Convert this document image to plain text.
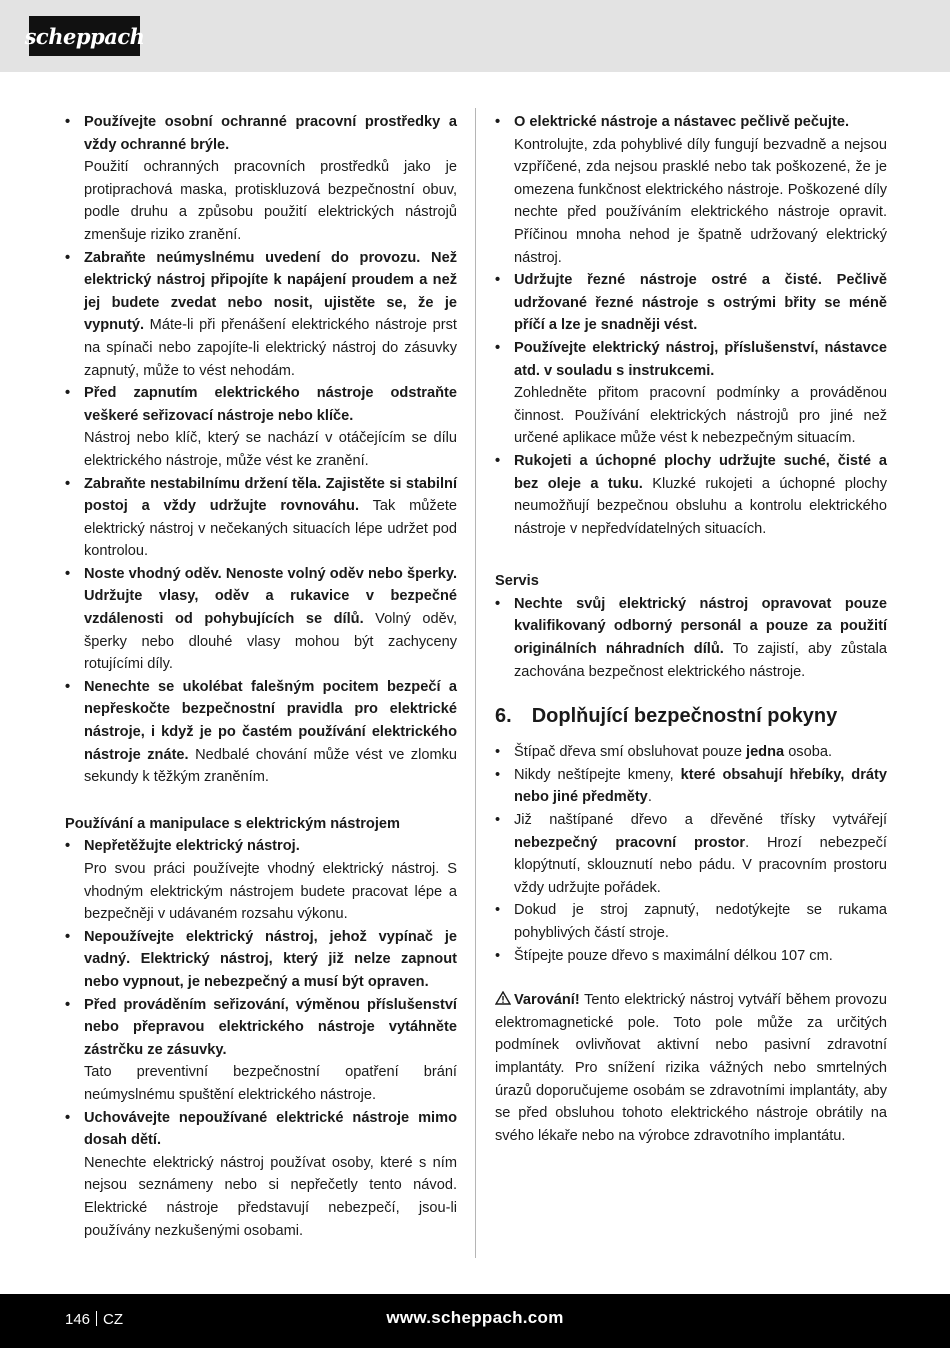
scheppach
• Používejte osobní ochranné pracovní prostředky a vždy ochranné brýle.
Použití ochranných pracovních prostředků jako je protiprachová maska, protiskluzová bezpečnostní obuv, podle druhu a způsobu použití elektrických nástrojů zmenšuje riziko zranění.
• Zabraňte neúmyslnému uvedení do provozu. Než elektrický nástroj připojíte k napájení proudem a než jej budete zvedat nebo nosit, ujistěte se, že je vypnutý. Máte-li při přenášení elektrického nástroje prst na spínači nebo zapojíte-li elektrický nástroj do zásuvky zapnutý, může to vést nehodám.
• Před zapnutím elektrického nástroje odstraňte veškeré seřizovací nástroje nebo klíče.
Nástroj nebo klíč, který se nachází v otáčejícím se dílu elektrického nástroje, může vést ke zranění.
• Zabraňte nestabilnímu držení těla. Zajistěte si stabilní postoj a vždy udržujte rovnováhu. Tak můžete elektrický nástroj v nečekaných situacích lépe udržet pod kontrolou.
• Noste vhodný oděv. Nenoste volný oděv nebo šperky. Udržujte vlasy, oděv a rukavice v bezpečné vzdálenosti od pohybujících se dílů. Volný oděv, šperky nebo dlouhé vlasy mohou být zachyceny rotujícími díly.
• Nenechte se ukolébat falešným pocitem bezpečí a nepřeskočte bezpečnostní pravidla pro elektrické nástroje, i když je po častém používání elektrického nástroje znáte. Nedbalé chování může vést ve zlomku sekundy k těžkým zraněním.
Používání a manipulace s elektrickým nástrojem
• Nepřetěžujte elektrický nástroj.
Pro svou práci používejte vhodný elektrický nástroj. S vhodným elektrickým nástrojem budete pracovat lépe a bezpečněji v udávaném rozsahu výkonu.
• Nepoužívejte elektrický nástroj, jehož vypínač je vadný. Elektrický nástroj, který již nelze zapnout nebo vypnout, je nebezpečný a musí být opraven.
• Před prováděním seřizování, výměnou příslušenství nebo přepravou elektrického nástroje vytáhněte zástrčku ze zásuvky.
Tato preventivní bezpečnostní opatření brání neúmyslnému spuštění elektrického nástroje.
• Uchovávejte nepoužívané elektrické nástroje mimo dosah dětí.
Nenechte elektrický nástroj používat osoby, které s ním nejsou seznámeny nebo si nepřečetly tento návod. Elektrické nástroje představují nebezpečí, jsou-li používány nezkušenými osobami.
• O elektrické nástroje a nástavec pečlivě pečujte.
Kontrolujte, zda pohyblivé díly fungují bezvadně a nejsou vzpříčené, zda nejsou prasklé nebo tak poškozené, že je omezena funkčnost elektrického nástroje. Poškozené díly nechte před používáním elektrického nástroje opravit. Příčinou mnoha nehod je špatně udržovaný elektrický nástroj.
• Udržujte řezné nástroje ostré a čisté. Pečlivě udržované řezné nástroje s ostrými břity se méně příčí a lze je snadněji vést.
• Používejte elektrický nástroj, příslušenství, nástavce atd. v souladu s instrukcemi.
Zohledněte přitom pracovní podmínky a prováděnou činnost. Používání elektrických nástrojů pro jiné než určené aplikace může vést k nebezpečným situacím.
• Rukojeti a úchopné plochy udržujte suché, čisté a bez oleje a tuku. Kluzké rukojeti a úchopné plochy neumožňují bezpečnou obsluhu a kontrolu elektrického nástroje v nepředvídatelných situacích.
Servis
• Nechte svůj elektrický nástroj opravovat pouze kvalifikovaný odborný personál a pouze za použití originálních náhradních dílů. To zajistí, aby zůstala zachována bezpečnost elektrického nástroje.
6. Doplňující bezpečnostní pokyny
• Štípač dřeva smí obsluhovat pouze jedna osoba.
• Nikdy neštípejte kmeny, které obsahují hřebíky, dráty nebo jiné předměty.
• Již naštípané dřevo a dřevěné třísky vytvářejí nebezpečný pracovní prostor. Hrozí nebezpečí klopýtnutí, sklouznutí nebo pádu. V pracovním prostoru vždy udržujte pořádek.
• Dokud je stroj zapnutý, nedotýkejte se rukama pohyblivých částí stroje.
• Štípejte pouze dřevo s maximální délkou 107 cm.

Varování! Tento elektrický nástroj vytváří během provozu elektromagnetické pole. Toto pole může za určitých podmínek ovlivňovat aktivní nebo pasivní zdravotní implantáty. Pro snížení rizika vážných nebo smrtelných úrazů doporučujeme osobám se zdravotními implantáty, aby se před obsluhou tohoto elektrického nástroje obrátily na svého lékaře nebo na výrobce zdravotního implantátu.

146 CZ	www.scheppach.com
